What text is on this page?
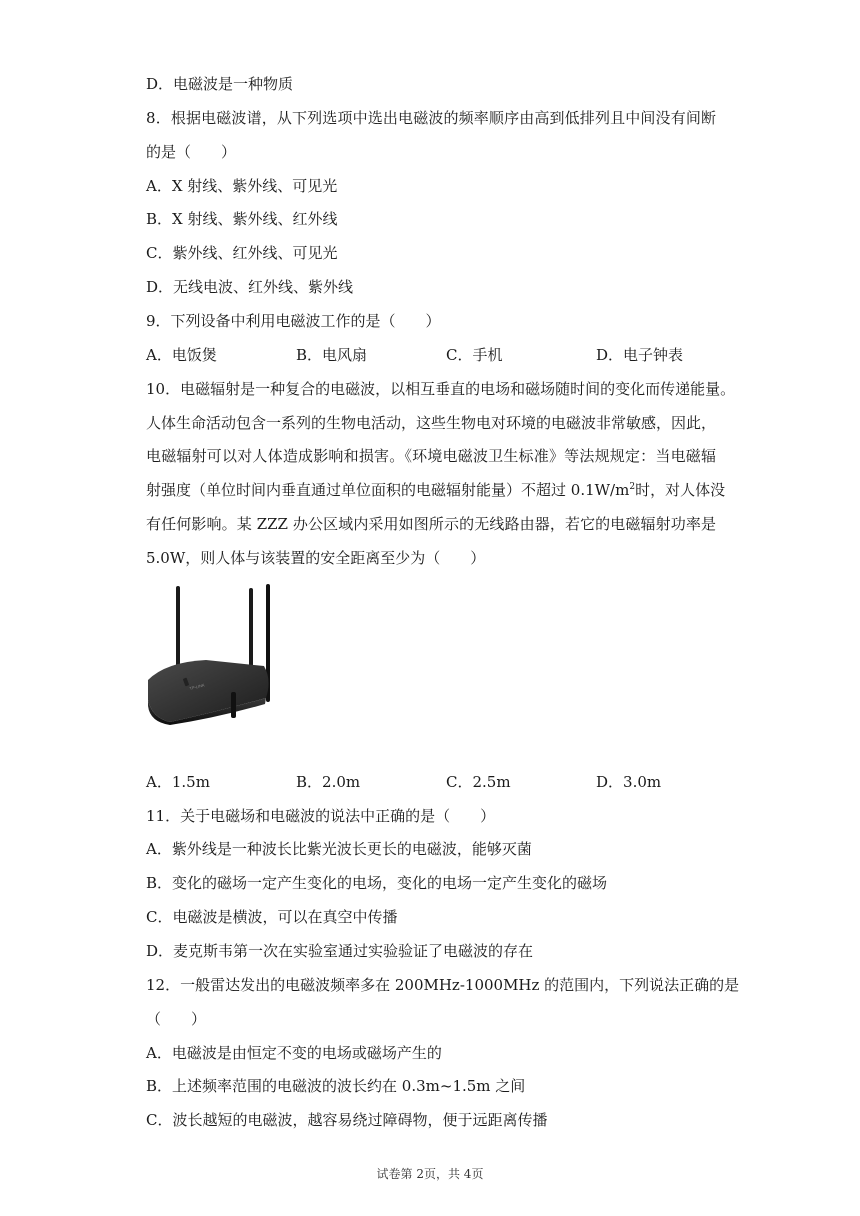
D．电磁波是一种物质
8．根据电磁波谱，从下列选项中选出电磁波的频率顺序由高到低排列且中间没有间断
的是（　　）
A．X 射线、紫外线、可见光
B．X 射线、紫外线、红外线
C．紫外线、红外线、可见光
D．无线电波、红外线、紫外线
9．下列设备中利用电磁波工作的是（　　）
A．电饭煲	B．电风扇	C．手机	D．电子钟表
10．电磁辐射是一种复合的电磁波，以相互垂直的电场和磁场随时间的变化而传递能量。
人体生命活动包含一系列的生物电活动，这些生物电对环境的电磁波非常敏感，因此，
电磁辐射可以对人体造成影响和损害。《环境电磁波卫生标准》等法规规定：当电磁辐
射强度（单位时间内垂直通过单位面积的电磁辐射能量）不超过 $0.1W/m^2$时，对人体没
有任何影响。某 ZZZ 办公区域内采用如图所示的无线路由器，若它的电磁辐射功率是
5.0W，则人体与该装置的安全距离至少为（　　）
TP-LINK
A．1.5m	B．2.0m	C．2.5m	D．3.0m
11．关于电磁场和电磁波的说法中正确的是（　　）
A．紫外线是一种波长比紫光波长更长的电磁波，能够灭菌
B．变化的磁场一定产生变化的电场，变化的电场一定产生变化的磁场
C．电磁波是横波，可以在真空中传播
D．麦克斯韦第一次在实验室通过实验验证了电磁波的存在
12．一般雷达发出的电磁波频率多在 200MHz-1000MHz 的范围内，下列说法正确的是
（　　）
A．电磁波是由恒定不变的电场或磁场产生的
B．上述频率范围的电磁波的波长约在 0.3m~1.5m 之间
C．波长越短的电磁波，越容易绕过障碍物，便于远距离传播
试卷第 2页，共 4页
